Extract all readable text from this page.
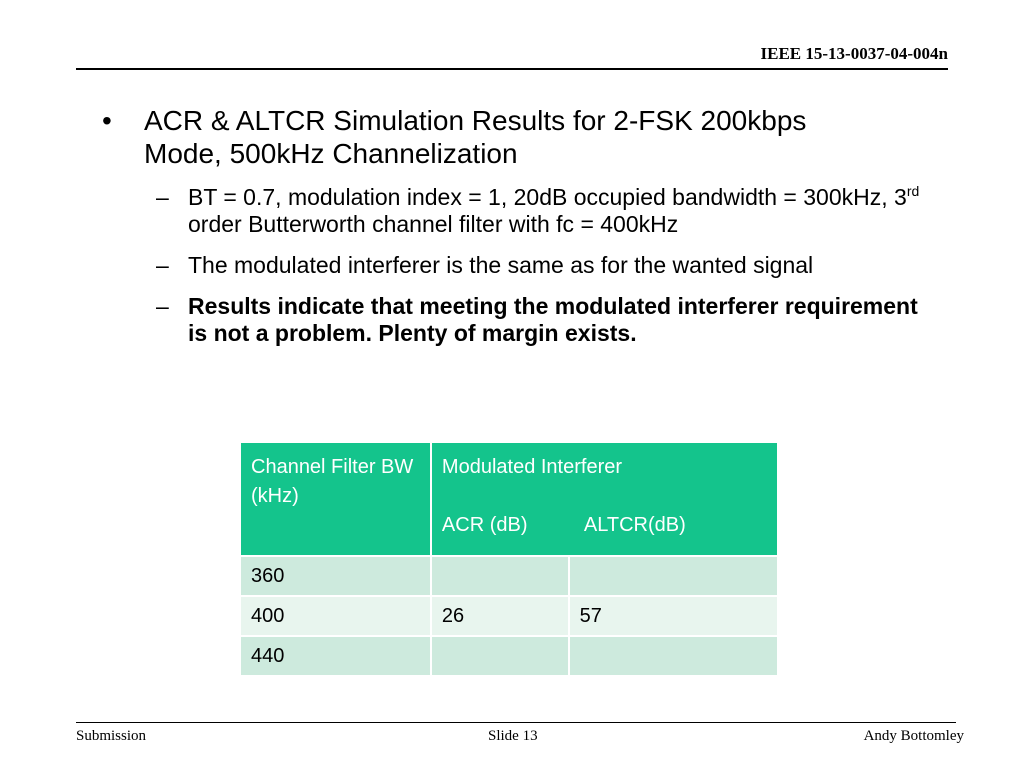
IEEE 15-13-0037-04-004n
•	ACR & ALTCR Simulation Results for 2-FSK 200kbps Mode, 500kHz Channelization
– BT = 0.7, modulation index = 1, 20dB occupied bandwidth = 300kHz, 3rd order Butterworth channel filter with fc = 400kHz
– The modulated interferer is the same as for the wanted signal
– Results indicate that meeting the modulated interferer requirement is not a problem. Plenty of margin exists.
Channel Filter BW (kHz)	Modulated Interferer
ACR (dB) ALTCR(dB)	

360		
400	26	57
440		
Submission	Slide 13	Andy Bottomley
